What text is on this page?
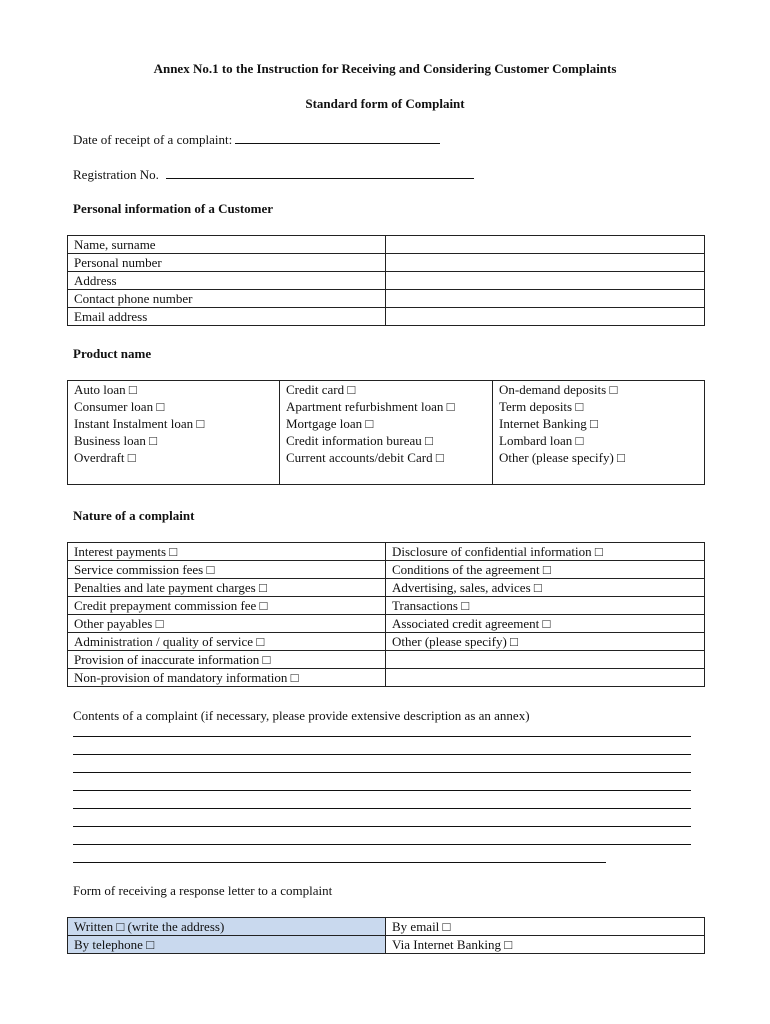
Annex No.1 to the Instruction for Receiving and Considering Customer Complaints
Standard form of Complaint
Date of receipt of a complaint:
Registration No.
Personal information of a Customer
Name, surname	
Personal number	
Address	
Contact phone number	
Email address	
Product name
Auto loan □	Credit card □	On-demand deposits □
Consumer loan □	Apartment refurbishment loan □	Term deposits □
Instant Instalment loan □	Mortgage loan □	Internet Banking □
Business loan □	Credit information bureau □	Lombard loan □
Overdraft □	Current accounts/debit Card □	Other (please specify) □
Nature of a complaint
Interest payments □	Disclosure of confidential information □
Service commission fees □	Conditions of the agreement □
Penalties and late payment charges □	Advertising, sales, advices □
Credit prepayment commission fee □	Transactions □
Other payables □	Associated credit agreement □
Administration / quality of service □	Other (please specify) □
Provision of inaccurate information □	
Non-provision of mandatory information □	
Contents of a complaint (if necessary, please provide extensive description as an annex)
Form of receiving a response letter to a complaint
Written □ (write the address)	By email □
By telephone □	Via Internet Banking □
